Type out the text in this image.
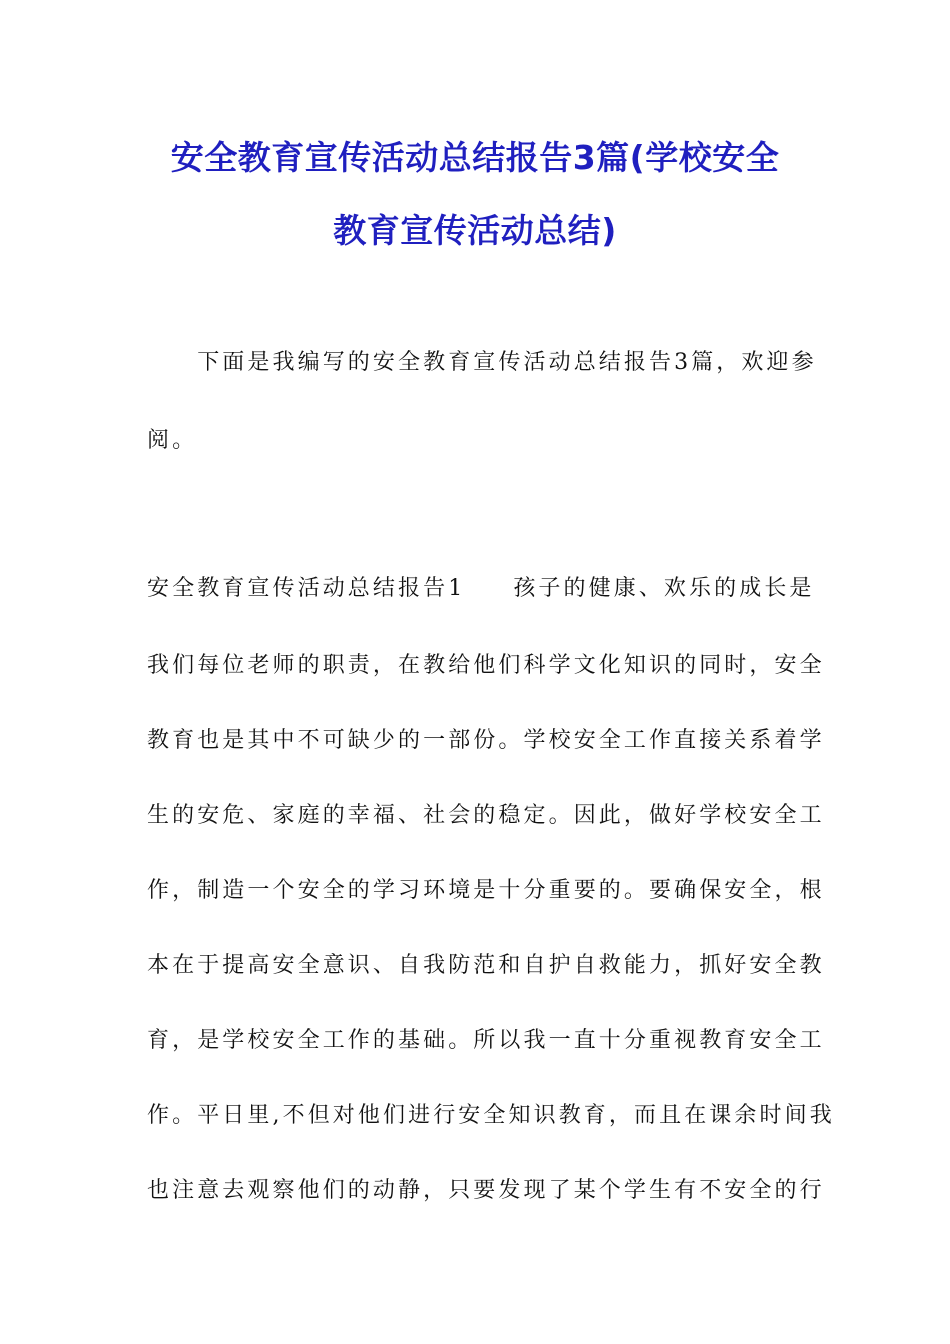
安全教育宣传活动总结报告3篇(学校安全
教育宣传活动总结)
　　下面是我编写的安全教育宣传活动总结报告3篇，欢迎参
阅。
安全教育宣传活动总结报告1 孩子的健康、欢乐的成长是
我们每位老师的职责，在教给他们科学文化知识的同时，安全
教育也是其中不可缺少的一部份。学校安全工作直接关系着学
生的安危、家庭的幸福、社会的稳定。因此，做好学校安全工
作，制造一个安全的学习环境是十分重要的。要确保安全，根
本在于提高安全意识、自我防范和自护自救能力，抓好安全教
育，是学校安全工作的基础。所以我一直十分重视教育安全工
作。平日里,不但对他们进行安全知识教育，而且在课余时间我
也注意去观察他们的动静，只要发现了某个学生有不安全的行
